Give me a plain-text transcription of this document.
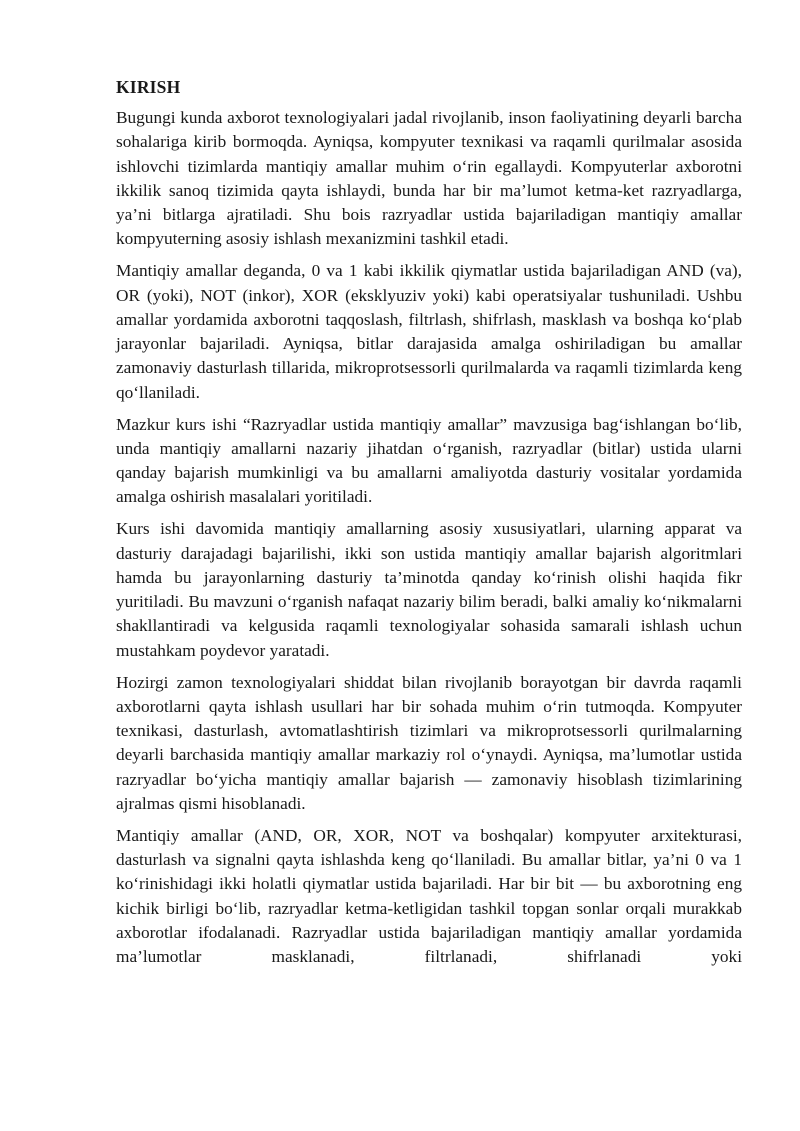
KIRISH

Bugungi kunda axborot texnologiyalari jadal rivojlanib, inson faoliyatining deyarli barcha sohalariga kirib bormoqda. Ayniqsa, kompyuter texnikasi va raqamli qurilmalar asosida ishlovchi tizimlarda mantiqiy amallar muhim o‘rin egallaydi. Kompyuterlar axborotni ikkilik sanoq tizimida qayta ishlaydi, bunda har bir ma’lumot ketma-ket razryadlarga, ya’ni bitlarga ajratiladi. Shu bois razryadlar ustida bajariladigan mantiqiy amallar kompyuterning asosiy ishlash mexanizmini tashkil etadi.

Mantiqiy amallar deganda, 0 va 1 kabi ikkilik qiymatlar ustida bajariladigan AND (va), OR (yoki), NOT (inkor), XOR (eksklyuziv yoki) kabi operatsiyalar tushuniladi. Ushbu amallar yordamida axborotni taqqoslash, filtrlash, shifrlash, masklash va boshqa ko‘plab jarayonlar bajariladi. Ayniqsa, bitlar darajasida amalga oshiriladigan bu amallar zamonaviy dasturlash tillarida, mikroprotsessorli qurilmalarda va raqamli tizimlarda keng qo‘llaniladi.

Mazkur kurs ishi “Razryadlar ustida mantiqiy amallar” mavzusiga bag‘ishlangan bo‘lib, unda mantiqiy amallarni nazariy jihatdan o‘rganish, razryadlar (bitlar) ustida ularni qanday bajarish mumkinligi va bu amallarni amaliyotda dasturiy vositalar yordamida amalga oshirish masalalari yoritiladi.

Kurs ishi davomida mantiqiy amallarning asosiy xususiyatlari, ularning apparat va dasturiy darajadagi bajarilishi, ikki son ustida mantiqiy amallar bajarish algoritmlari hamda bu jarayonlarning dasturiy ta’minotda qanday ko‘rinish olishi haqida fikr yuritiladi. Bu mavzuni o‘rganish nafaqat nazariy bilim beradi, balki amaliy ko‘nikmalarni shakllantiradi va kelgusida raqamli texnologiyalar sohasida samarali ishlash uchun mustahkam poydevor yaratadi.

Hozirgi zamon texnologiyalari shiddat bilan rivojlanib borayotgan bir davrda raqamli axborotlarni qayta ishlash usullari har bir sohada muhim o‘rin tutmoqda. Kompyuter texnikasi, dasturlash, avtomatlashtirish tizimlari va mikroprotsessorli qurilmalarning deyarli barchasida mantiqiy amallar markaziy rol o‘ynaydi. Ayniqsa, ma’lumotlar ustida razryadlar bo‘yicha mantiqiy amallar bajarish — zamonaviy hisoblash tizimlarining ajralmas qismi hisoblanadi.

Mantiqiy amallar (AND, OR, XOR, NOT va boshqalar) kompyuter arxitekturasi, dasturlash va signalni qayta ishlashda keng qo‘llaniladi. Bu amallar bitlar, ya’ni 0 va 1 ko‘rinishidagi ikki holatli qiymatlar ustida bajariladi. Har bir bit — bu axborotning eng kichik birligi bo‘lib, razryadlar ketma-ketligidan tashkil topgan sonlar orqali murakkab axborotlar ifodalanadi. Razryadlar ustida bajariladigan mantiqiy amallar yordamida ma’lumotlar masklanadi, filtrlanadi, shifrlanadi yoki
